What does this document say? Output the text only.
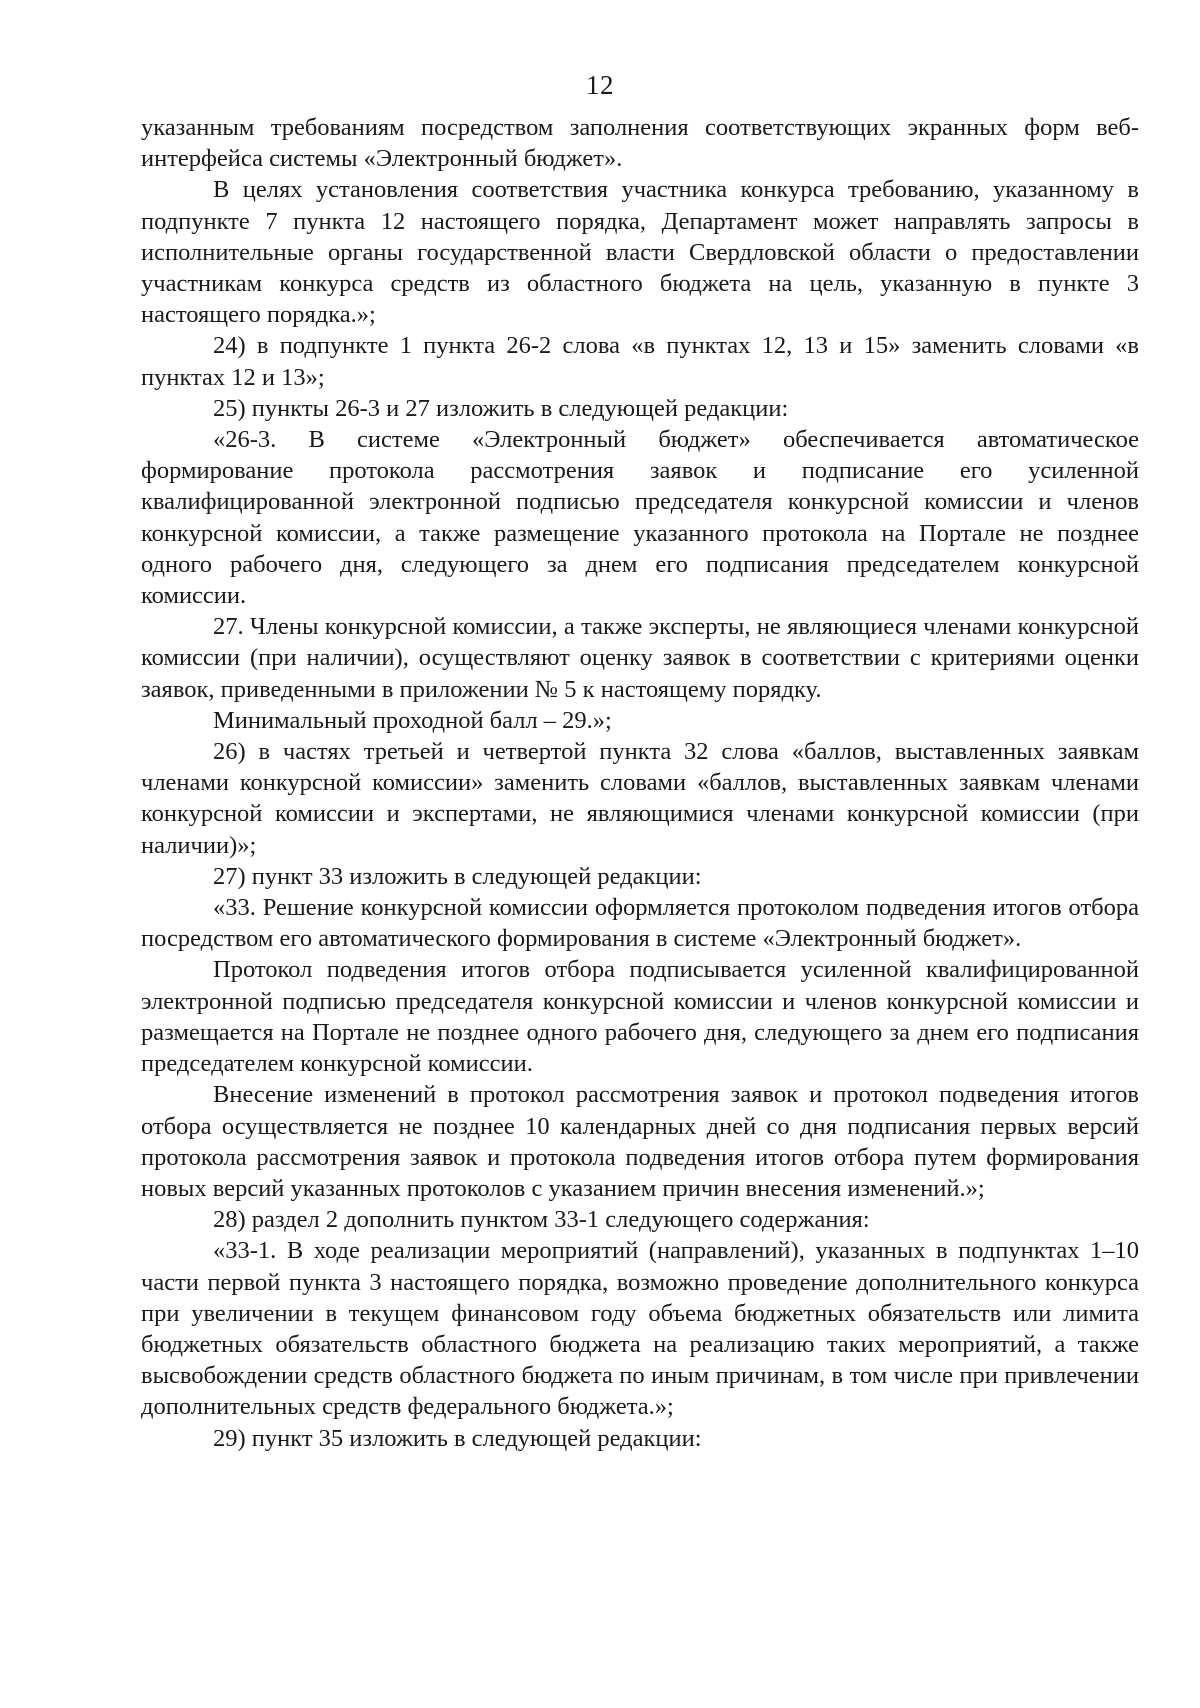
12

указанным требованиям посредством заполнения соответствующих экранных форм веб-интерфейса системы «Электронный бюджет».

В целях установления соответствия участника конкурса требованию, указанному в подпункте 7 пункта 12 настоящего порядка, Департамент может направлять запросы в исполнительные органы государственной власти Свердловской области о предоставлении участникам конкурса средств из областного бюджета на цель, указанную в пункте 3 настоящего порядка.»;

24) в подпункте 1 пункта 26-2 слова «в пунктах 12, 13 и 15» заменить словами «в пунктах 12 и 13»;

25) пункты 26-3 и 27 изложить в следующей редакции:

«26-3. В системе «Электронный бюджет» обеспечивается автоматическое формирование протокола рассмотрения заявок и подписание его усиленной квалифицированной электронной подписью председателя конкурсной комиссии и членов конкурсной комиссии, а также размещение указанного протокола на Портале не позднее одного рабочего дня, следующего за днем его подписания председателем конкурсной комиссии.

27. Члены конкурсной комиссии, а также эксперты, не являющиеся членами конкурсной комиссии (при наличии), осуществляют оценку заявок в соответствии с критериями оценки заявок, приведенными в приложении № 5 к настоящему порядку.

Минимальный проходной балл – 29.»;

26) в частях третьей и четвертой пункта 32 слова «баллов, выставленных заявкам членами конкурсной комиссии» заменить словами «баллов, выставленных заявкам членами конкурсной комиссии и экспертами, не являющимися членами конкурсной комиссии (при наличии)»;

27) пункт 33 изложить в следующей редакции:

«33. Решение конкурсной комиссии оформляется протоколом подведения итогов отбора посредством его автоматического формирования в системе «Электронный бюджет».

Протокол подведения итогов отбора подписывается усиленной квалифицированной электронной подписью председателя конкурсной комиссии и членов конкурсной комиссии и размещается на Портале не позднее одного рабочего дня, следующего за днем его подписания председателем конкурсной комиссии.

Внесение изменений в протокол рассмотрения заявок и протокол подведения итогов отбора осуществляется не позднее 10 календарных дней со дня подписания первых версий протокола рассмотрения заявок и протокола подведения итогов отбора путем формирования новых версий указанных протоколов с указанием причин внесения изменений.»;

28) раздел 2 дополнить пунктом 33-1 следующего содержания:

«33-1. В ходе реализации мероприятий (направлений), указанных в подпунктах 1–10 части первой пункта 3 настоящего порядка, возможно проведение дополнительного конкурса при увеличении в текущем финансовом году объема бюджетных обязательств или лимита бюджетных обязательств областного бюджета на реализацию таких мероприятий, а также высвобождении средств областного бюджета по иным причинам, в том числе при привлечении дополнительных средств федерального бюджета.»;

29) пункт 35 изложить в следующей редакции:
